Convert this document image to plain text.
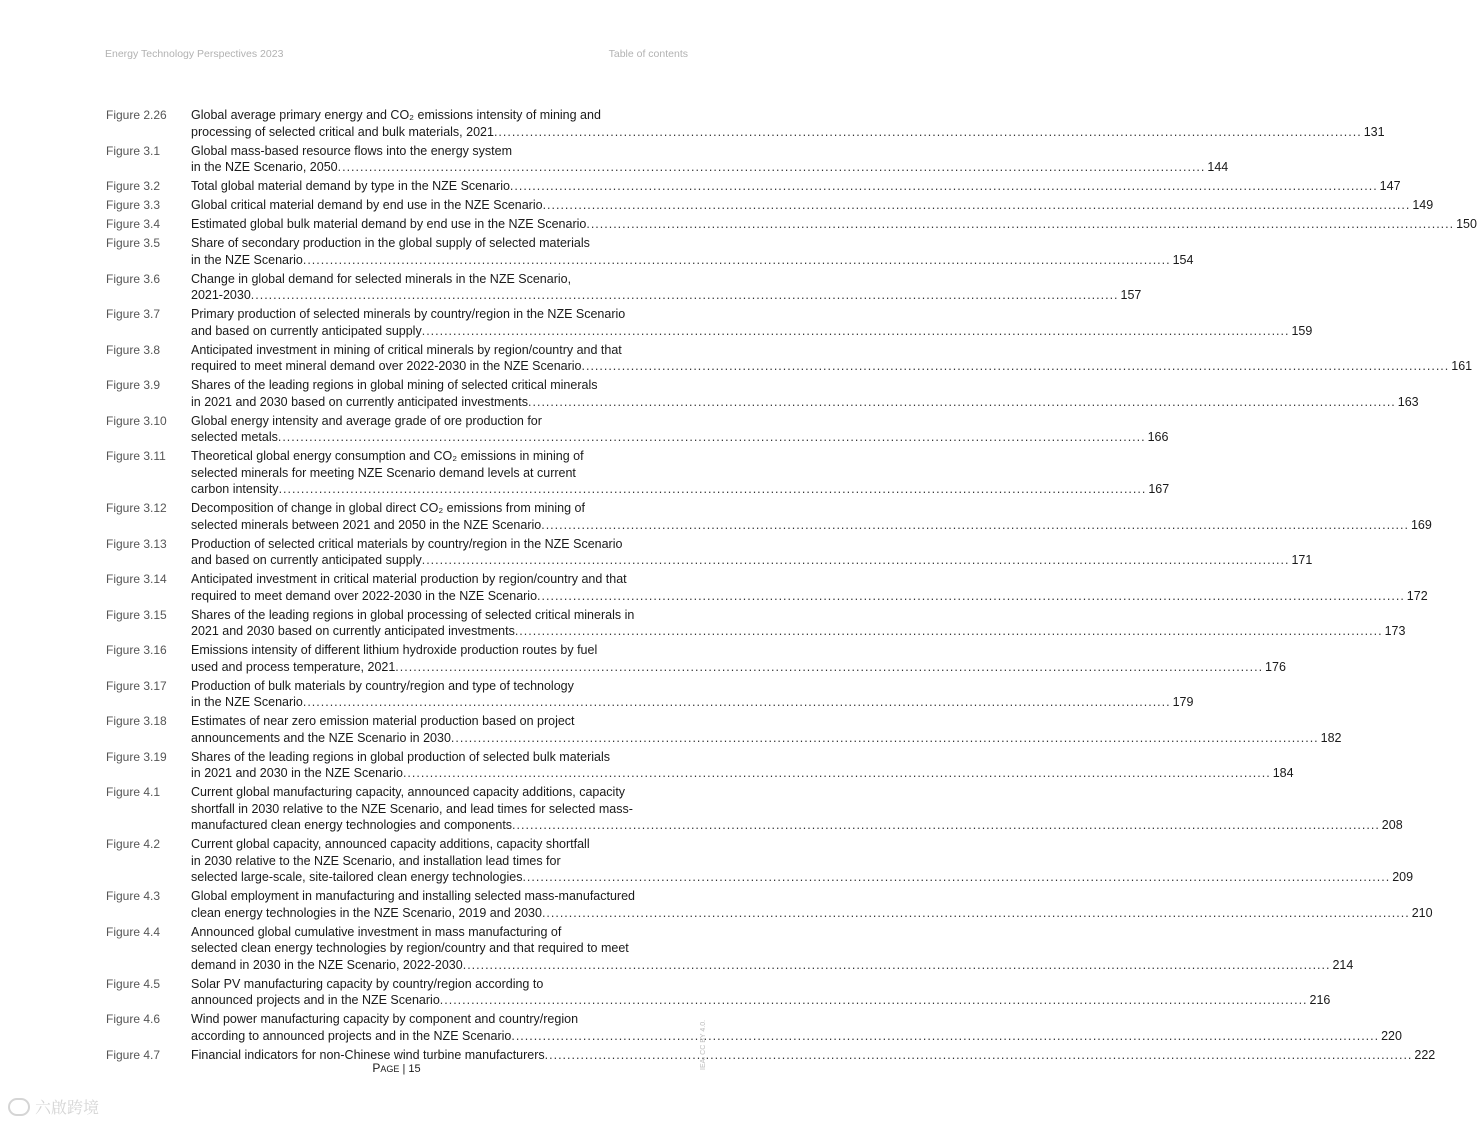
Energy Technology Perspectives 2023	Table of contents
Figure 2.26	Global average primary energy and CO₂ emissions intensity of mining and
processing of selected critical and bulk materials, 2021 .....	131
Figure 3.1	Global mass-based resource flows into the energy system
in the NZE Scenario, 2050 .....	144
Figure 3.2	Total global material demand by type in the NZE Scenario .....	147
Figure 3.3	Global critical material demand by end use in the NZE Scenario .....	149
Figure 3.4	Estimated global bulk material demand by end use in the NZE Scenario .....	150
Figure 3.5	Share of secondary production in the global supply of selected materials
in the NZE Scenario .....	154
Figure 3.6	Change in global demand for selected minerals in the NZE Scenario,
2021-2030 .....	157
Figure 3.7	Primary production of selected minerals by country/region in the NZE Scenario
and based on currently anticipated supply .....	159
Figure 3.8	Anticipated investment in mining of critical minerals by region/country and that
required to meet mineral demand over 2022-2030 in the NZE Scenario .....	161
Figure 3.9	Shares of the leading regions in global mining of selected critical minerals
in 2021 and 2030 based on currently anticipated investments .....	163
Figure 3.10	Global energy intensity and average grade of ore production for
selected metals .....	166
Figure 3.11	Theoretical global energy consumption and CO₂ emissions in mining of
selected minerals for meeting NZE Scenario demand levels at current
carbon intensity .....	167
Figure 3.12	Decomposition of change in global direct CO₂ emissions from mining of
selected minerals between 2021 and 2050 in the NZE Scenario .....	169
Figure 3.13	Production of selected critical materials by country/region in the NZE Scenario
and based on currently anticipated supply .....	171
Figure 3.14	Anticipated investment in critical material production by region/country and that
required to meet demand over 2022-2030 in the NZE Scenario .....	172
Figure 3.15	Shares of the leading regions in global processing of selected critical minerals in
2021 and 2030 based on currently anticipated investments .....	173
Figure 3.16	Emissions intensity of different lithium hydroxide production routes by fuel
used and process temperature, 2021 .....	176
Figure 3.17	Production of bulk materials by country/region and type of technology
in the NZE Scenario .....	179
Figure 3.18	Estimates of near zero emission material production based on project
announcements and the NZE Scenario in 2030 .....	182
Figure 3.19	Shares of the leading regions in global production of selected bulk materials
in 2021 and 2030 in the NZE Scenario .....	184
Figure 4.1	Current global manufacturing capacity, announced capacity additions, capacity
shortfall in 2030 relative to the NZE Scenario, and lead times for selected mass-
manufactured clean energy technologies and components .....	208
Figure 4.2	Current global capacity, announced capacity additions, capacity shortfall
in 2030 relative to the NZE Scenario, and installation lead times for
selected large-scale, site-tailored clean energy technologies .....	209
Figure 4.3	Global employment in manufacturing and installing selected mass-manufactured
clean energy technologies in the NZE Scenario, 2019 and 2030 .....	210
Figure 4.4	Announced global cumulative investment in mass manufacturing of
selected clean energy technologies by region/country and that required to meet
demand in 2030 in the NZE Scenario, 2022-2030 .....	214
Figure 4.5	Solar PV manufacturing capacity by country/region according to
announced projects and in the NZE Scenario .....	216
Figure 4.6	Wind power manufacturing capacity by component and country/region
according to announced projects and in the NZE Scenario .....	220
Figure 4.7	Financial indicators for non-Chinese wind turbine manufacturers .....	222
PAGE | 15	IEA. CC BY 4.0.
六啟跨境
